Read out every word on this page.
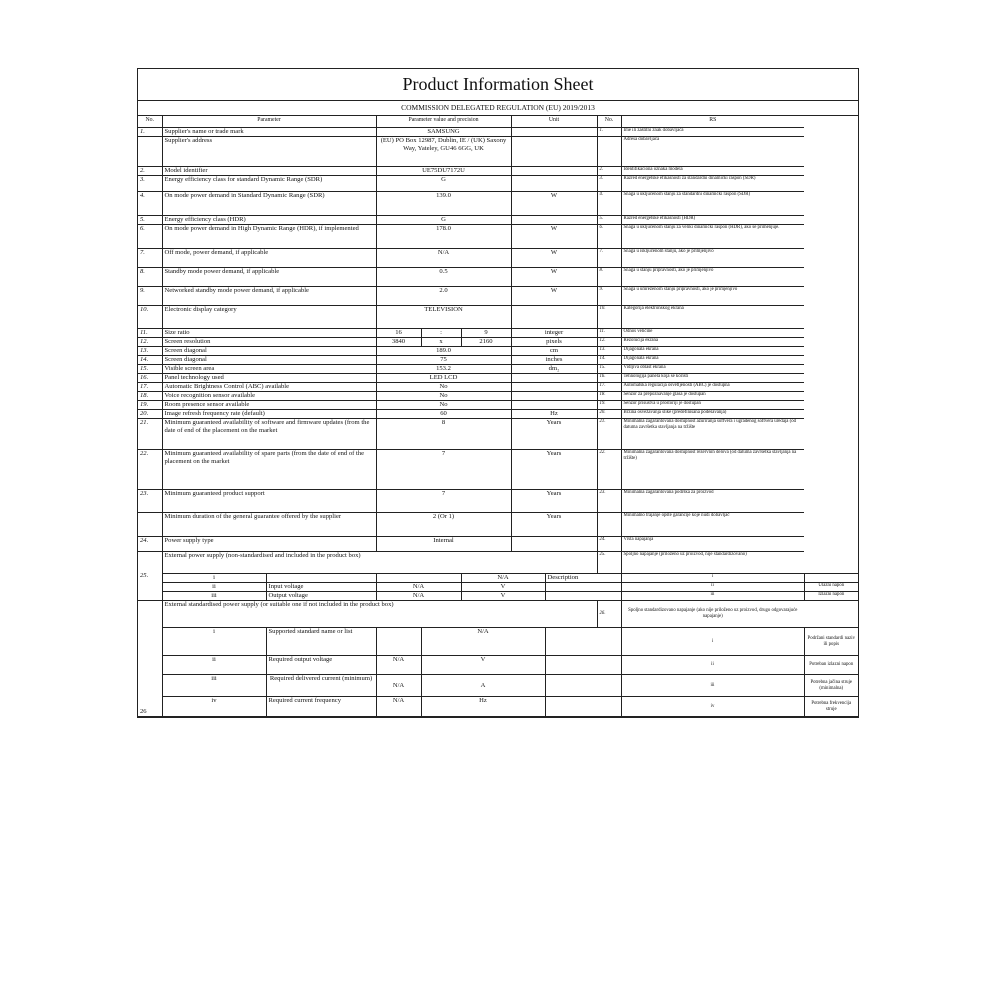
Product Information Sheet
COMMISSION DELEGATED REGULATION (EU) 2019/2013
No.	Parameter		Parameter value and precision			Unit		No.	RS	
1.	Supplier's name or trade mark		SAMSUNG					1.	Ime ili zaštitni znak dobavljača	
	Supplier's address		(EU) PO Box 12987, Dublin, IE / (UK) Saxony Way, Yateley, GU46 6GG, UK						Adresa dobavljača	
2.	Model identifier		UE75DU7172U					2.	Identifikaciona oznaka modela	
3.	Energy efficiency class for standard Dynamic Range (SDR)		G					3.	Razred energetske efikasnosti za standardni dinamički raspon (SDR)	
4.	On mode power demand in Standard Dynamic Range (SDR)		139.0			W		4.	Snaga u uključenom stanju za standardni dinamički raspon (SDR)	
5.	Energy efficiency class (HDR)		G					5.	Razred energetske efikasnosti (HDR)	
6.	On mode power demand in High Dynamic Range (HDR), if implemented		178.0			W		6.	Snaga u uključenom stanju za veliki dinamički raspon (HDR), ako se primenjuje.	
7.	Off mode, power demand, if applicable		N/A			W		7.	Snaga u isključenom stanju, ako je primjenjivo	
8.	Standby mode power demand, if applicable		0.5			W		8.	Snaga u stanju pripravnosti, ako je primjenjivo	
9.	Networked standby mode power demand, if applicable		2.0			W		9.	Snaga u umreženom stanju pripravnosti, ako je primjenjivo	
10.	Electronic display category		TELEVISION					10.	Kategorija elektronskog ekrana	
11.	Size ratio		16	:	9	integer		11.	Odnos veličine	
12.	Screen resolution		3840	x	2160	pixels		12.	Rezolucija ekrana	
13.	Screen diagonal		189.0			cm		13.	Dijagonala ekrana	
14.	Screen diagonal		75			inches		14.	Dijagonala ekrana	
15.	Visible screen area		153.2			dm₂		15.	Vidljiva oblast ekrana	
16.	Panel technology used		LED LCD					16.	Tehnologija panela koja se koristi	
17.	Automatic Brightness Control (ABC) available		No					17.	Automatska regulacija osvetljenosti (ABC) je dostupna	
18.	Voice recognition sensor available		No					18.	Senzor za prepoznavanje glasa je dostupan	
19.	Room presence sensor available		No					19.	Senzor prisustva u prostoriji je dostupan	
20.	Image refresh frequency rate (default)		60			Hz		20.	Brzina osvežavanja slike (predefinisana podešavanja)	
21.	Minimum guaranteed availability of software and firmware updates (from the date of end of the placement on the market		8			Years		21.	Minimalna zagarantovana dostupnost ažuriranja softvera i ugrađenog softvera uređaja (od datuma završetka stavljanja na tržište	
22.	Minimum guaranteed availability of spare parts (from the date of end of the placement on the market		7			Years		22.	Minimalna zagarantovana dostupnost rezervnih delova (od datuma završetka stavljanja na tržište)	
23.	Minimum guaranteed product support		7			Years		23.	Minimalna zagarantovana podrška za proizvod	
	Minimum duration of the general guarantee offered by the supplier		2 (Or 1)			Years			Minimalno trajanje opšte garancije koje nudi dobavljač	
24.	Power supply type		Internal					24.	Vrsta napajanja	
25.	External power supply (non-standardised and included in the product box)							25.	Spoljno napajanje (priloženo uz proizvod, nije standardizovano)	
	i				N/A		Description		i	
	ii	Input voltage	N/A		V				ii	Ulazni napon
	iii	Output voltage	N/A		V				iii	Izlazni napon
26	External standardised power supply (or suitable one if not included in the product box)							26.	Spoljno standardizovano napajanje (ako nije priloženo uz proizvod, drugo odgovarajuće napajanje)	
	i	Supported standard name or list		N/A					i	Podržani standardi naziv ili popis
	ii	Required output voltage	N/A	V					ii	Potreban izlazni napon
	iii	Required delivered current (minimum)	N/A	A					iii	Potrebna jačina struje (minimalna)
	iv	Required current frequency	N/A	Hz					iv	Potrebna frekvencija struje
